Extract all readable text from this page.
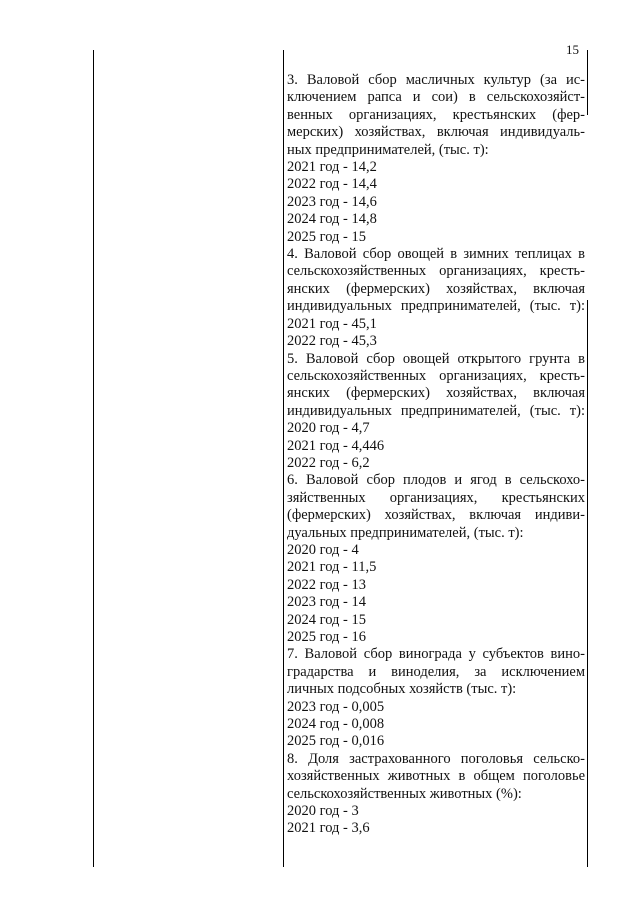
15
3. Валовой сбор масличных культур (за ис-
ключением рапса и сои) в сельскохозяйст-
венных организациях, крестьянских (фер-
мерских) хозяйствах, включая индивидуаль-
ных предпринимателей, (тыс. т):
2021 год - 14,2
2022 год - 14,4
2023 год - 14,6
2024 год - 14,8
2025 год - 15
4. Валовой сбор овощей в зимних теплицах в
сельскохозяйственных организациях, кресть-
янских (фермерских) хозяйствах, включая
индивидуальных предпринимателей, (тыс. т):
2021 год - 45,1
2022 год - 45,3
5. Валовой сбор овощей открытого грунта в
сельскохозяйственных организациях, кресть-
янских (фермерских) хозяйствах, включая
индивидуальных предпринимателей, (тыс. т):
2020 год - 4,7
2021 год - 4,446
2022 год - 6,2
6. Валовой сбор плодов и ягод в сельскохо-
зяйственных организациях, крестьянских
(фермерских) хозяйствах, включая индиви-
дуальных предпринимателей, (тыс. т):
2020 год - 4
2021 год - 11,5
2022 год - 13
2023 год - 14
2024 год - 15
2025 год - 16
7. Валовой сбор винограда у субъектов вино-
градарства и виноделия, за исключением
личных подсобных хозяйств (тыс. т):
2023 год - 0,005
2024 год - 0,008
2025 год - 0,016
8. Доля застрахованного поголовья сельско-
хозяйственных животных в общем поголовье
сельскохозяйственных животных (%):
2020 год - 3
2021 год - 3,6
